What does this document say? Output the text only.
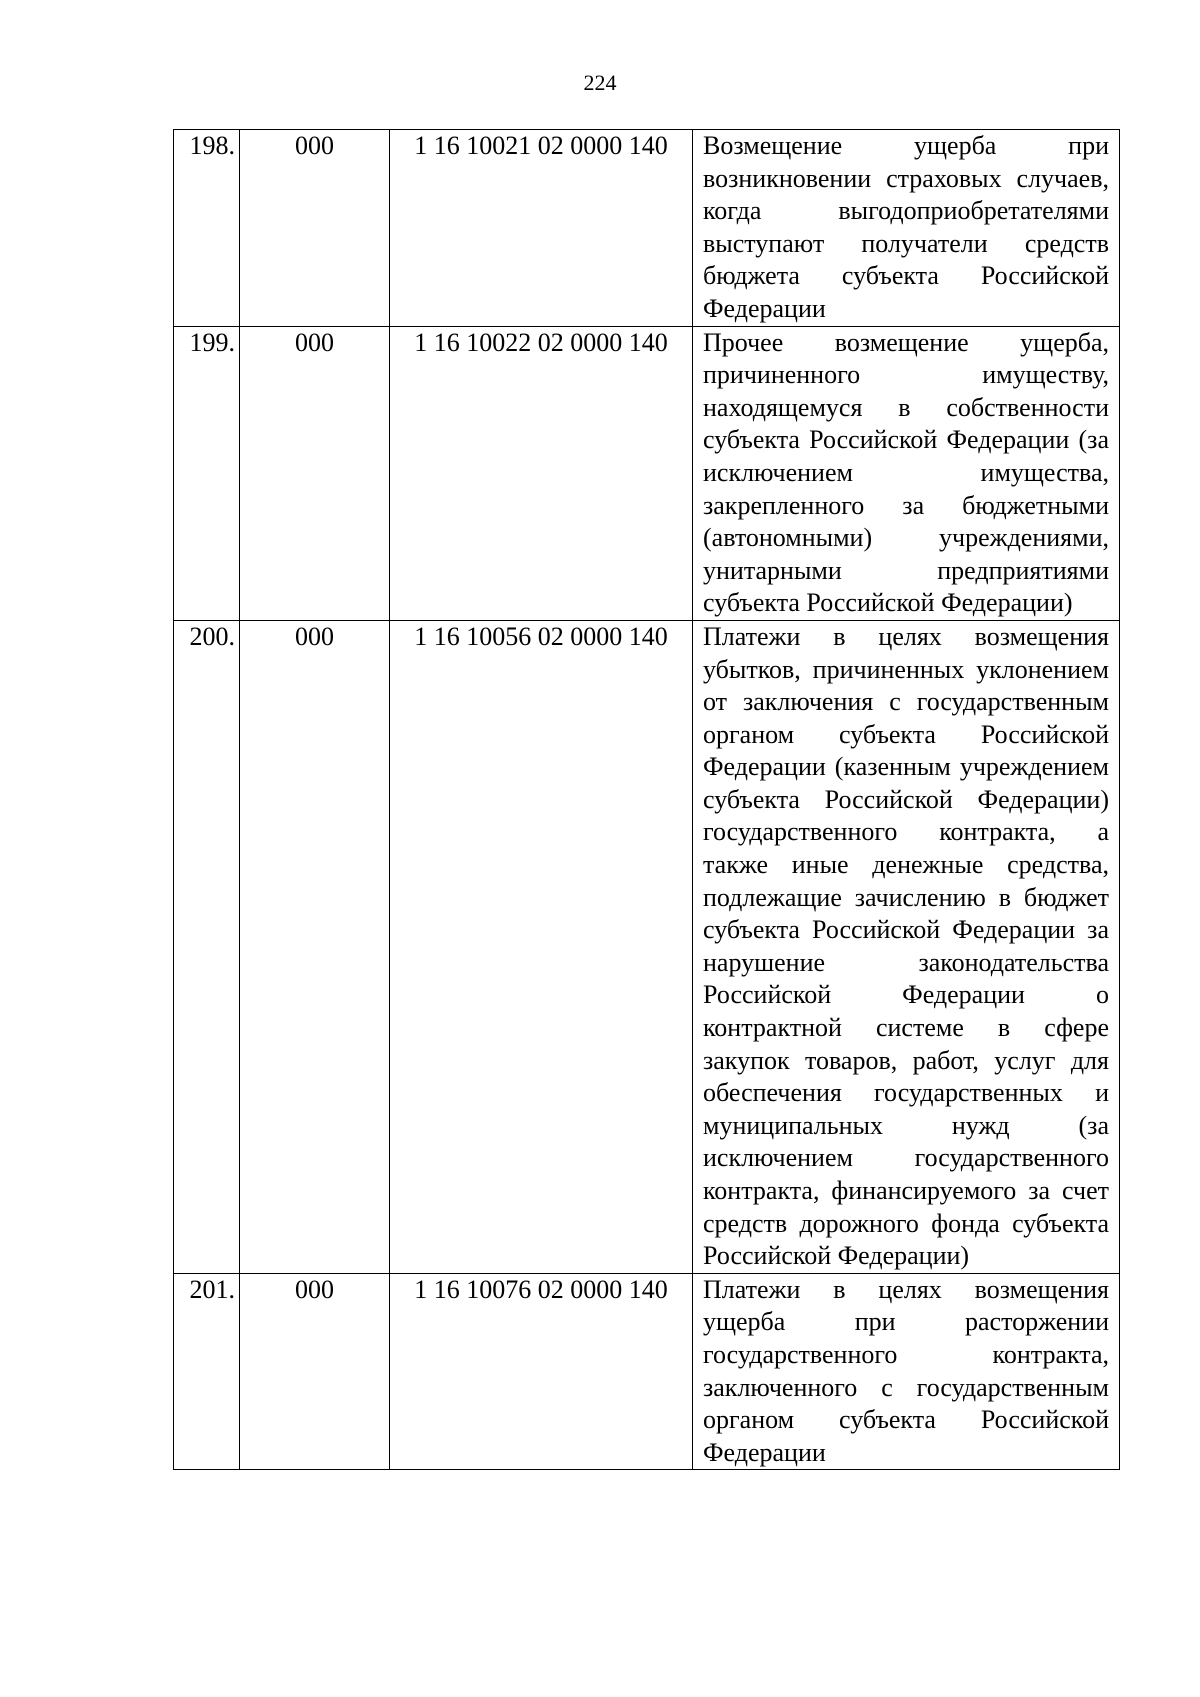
224
198.	000	1 16 10021 02 0000 140	Возмещение ущерба при возникновении страховых случаев, когда выгодоприобретателями выступают получатели средств бюджета субъекта Российской Федерации
199.	000	1 16 10022 02 0000 140	Прочее возмещение ущерба, причиненного имуществу, находящемуся в собственности субъекта Российской Федерации (за исключением имущества, закрепленного за бюджетными (автономными) учреждениями, унитарными предприятиями субъекта Российской Федерации)
200.	000	1 16 10056 02 0000 140	Платежи в целях возмещения убытков, причиненных уклонением от заключения с государственным органом субъекта Российской Федерации (казенным учреждением субъекта Российской Федерации) государственного контракта, а также иные денежные средства, подлежащие зачислению в бюджет субъекта Российской Федерации за нарушение законодательства Российской Федерации о контрактной системе в сфере закупок товаров, работ, услуг для обеспечения государственных и муниципальных нужд (за исключением государственного контракта, финансируемого за счет средств дорожного фонда субъекта Российской Федерации)
201.	000	1 16 10076 02 0000 140	Платежи в целях возмещения ущерба при расторжении государственного контракта, заключенного с государственным органом субъекта Российской Федерации
